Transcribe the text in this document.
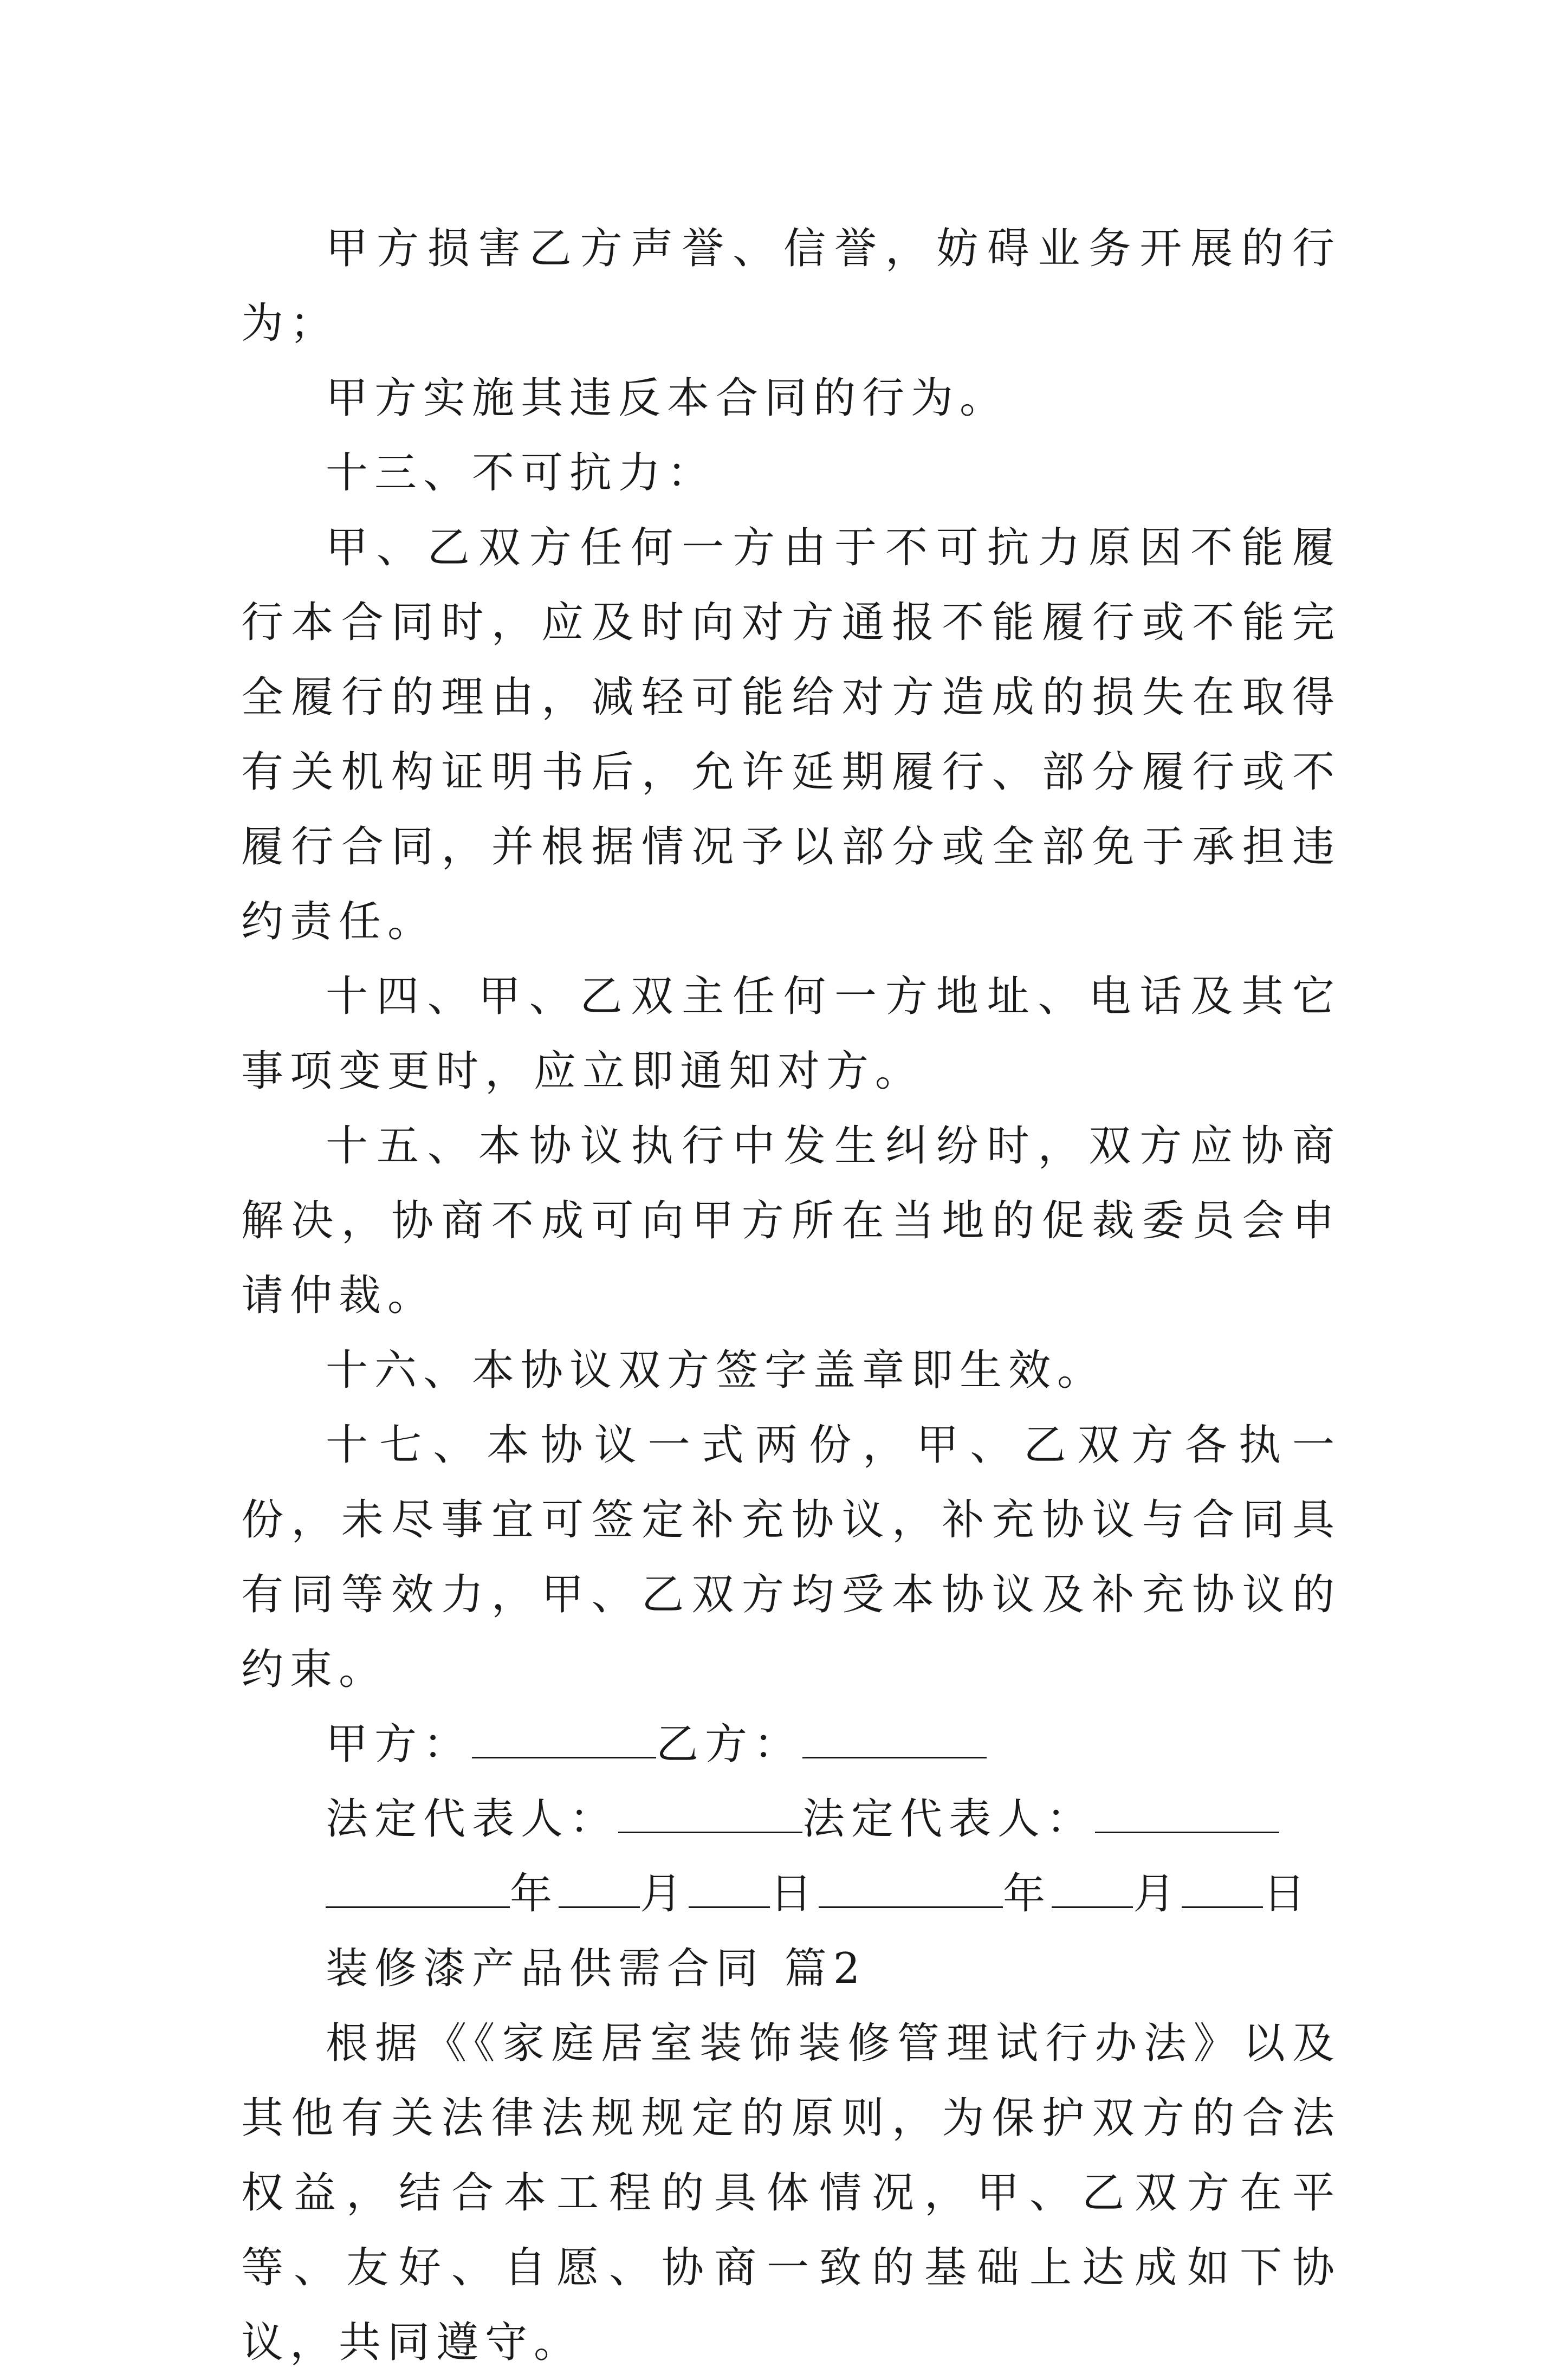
甲方损害乙方声誉、信誉，妨碍业务开展的行为；

甲方实施其违反本合同的行为。

十三、不可抗力：

甲、乙双方任何一方由于不可抗力原因不能履行本合同时，应及时向对方通报不能履行或不能完全履行的理由，减轻可能给对方造成的损失在取得有关机构证明书后，允许延期履行、部分履行或不履行合同，并根据情况予以部分或全部免于承担违约责任。

十四、甲、乙双主任何一方地址、电话及其它事项变更时，应立即通知对方。

十五、本协议执行中发生纠纷时，双方应协商解决，协商不成可向甲方所在当地的促裁委员会申请仲裁。

十六、本协议双方签字盖章即生效。

十七、本协议一式两份，甲、乙双方各执一份，未尽事宜可签定补充协议，补充协议与合同具有同等效力，甲、乙双方均受本协议及补充协议的约束。

甲方：	乙方：
法定代表人：	法定代表人：
年 月 日	年 月 日

装修漆产品供需合同 篇2

根据《《家庭居室装饰装修管理试行办法》以及其他有关法律法规规定的原则，为保护双方的合法权益，结合本工程的具体情况，甲、乙双方在平等、友好、自愿、协商一致的基础上达成如下协议，共同遵守。
